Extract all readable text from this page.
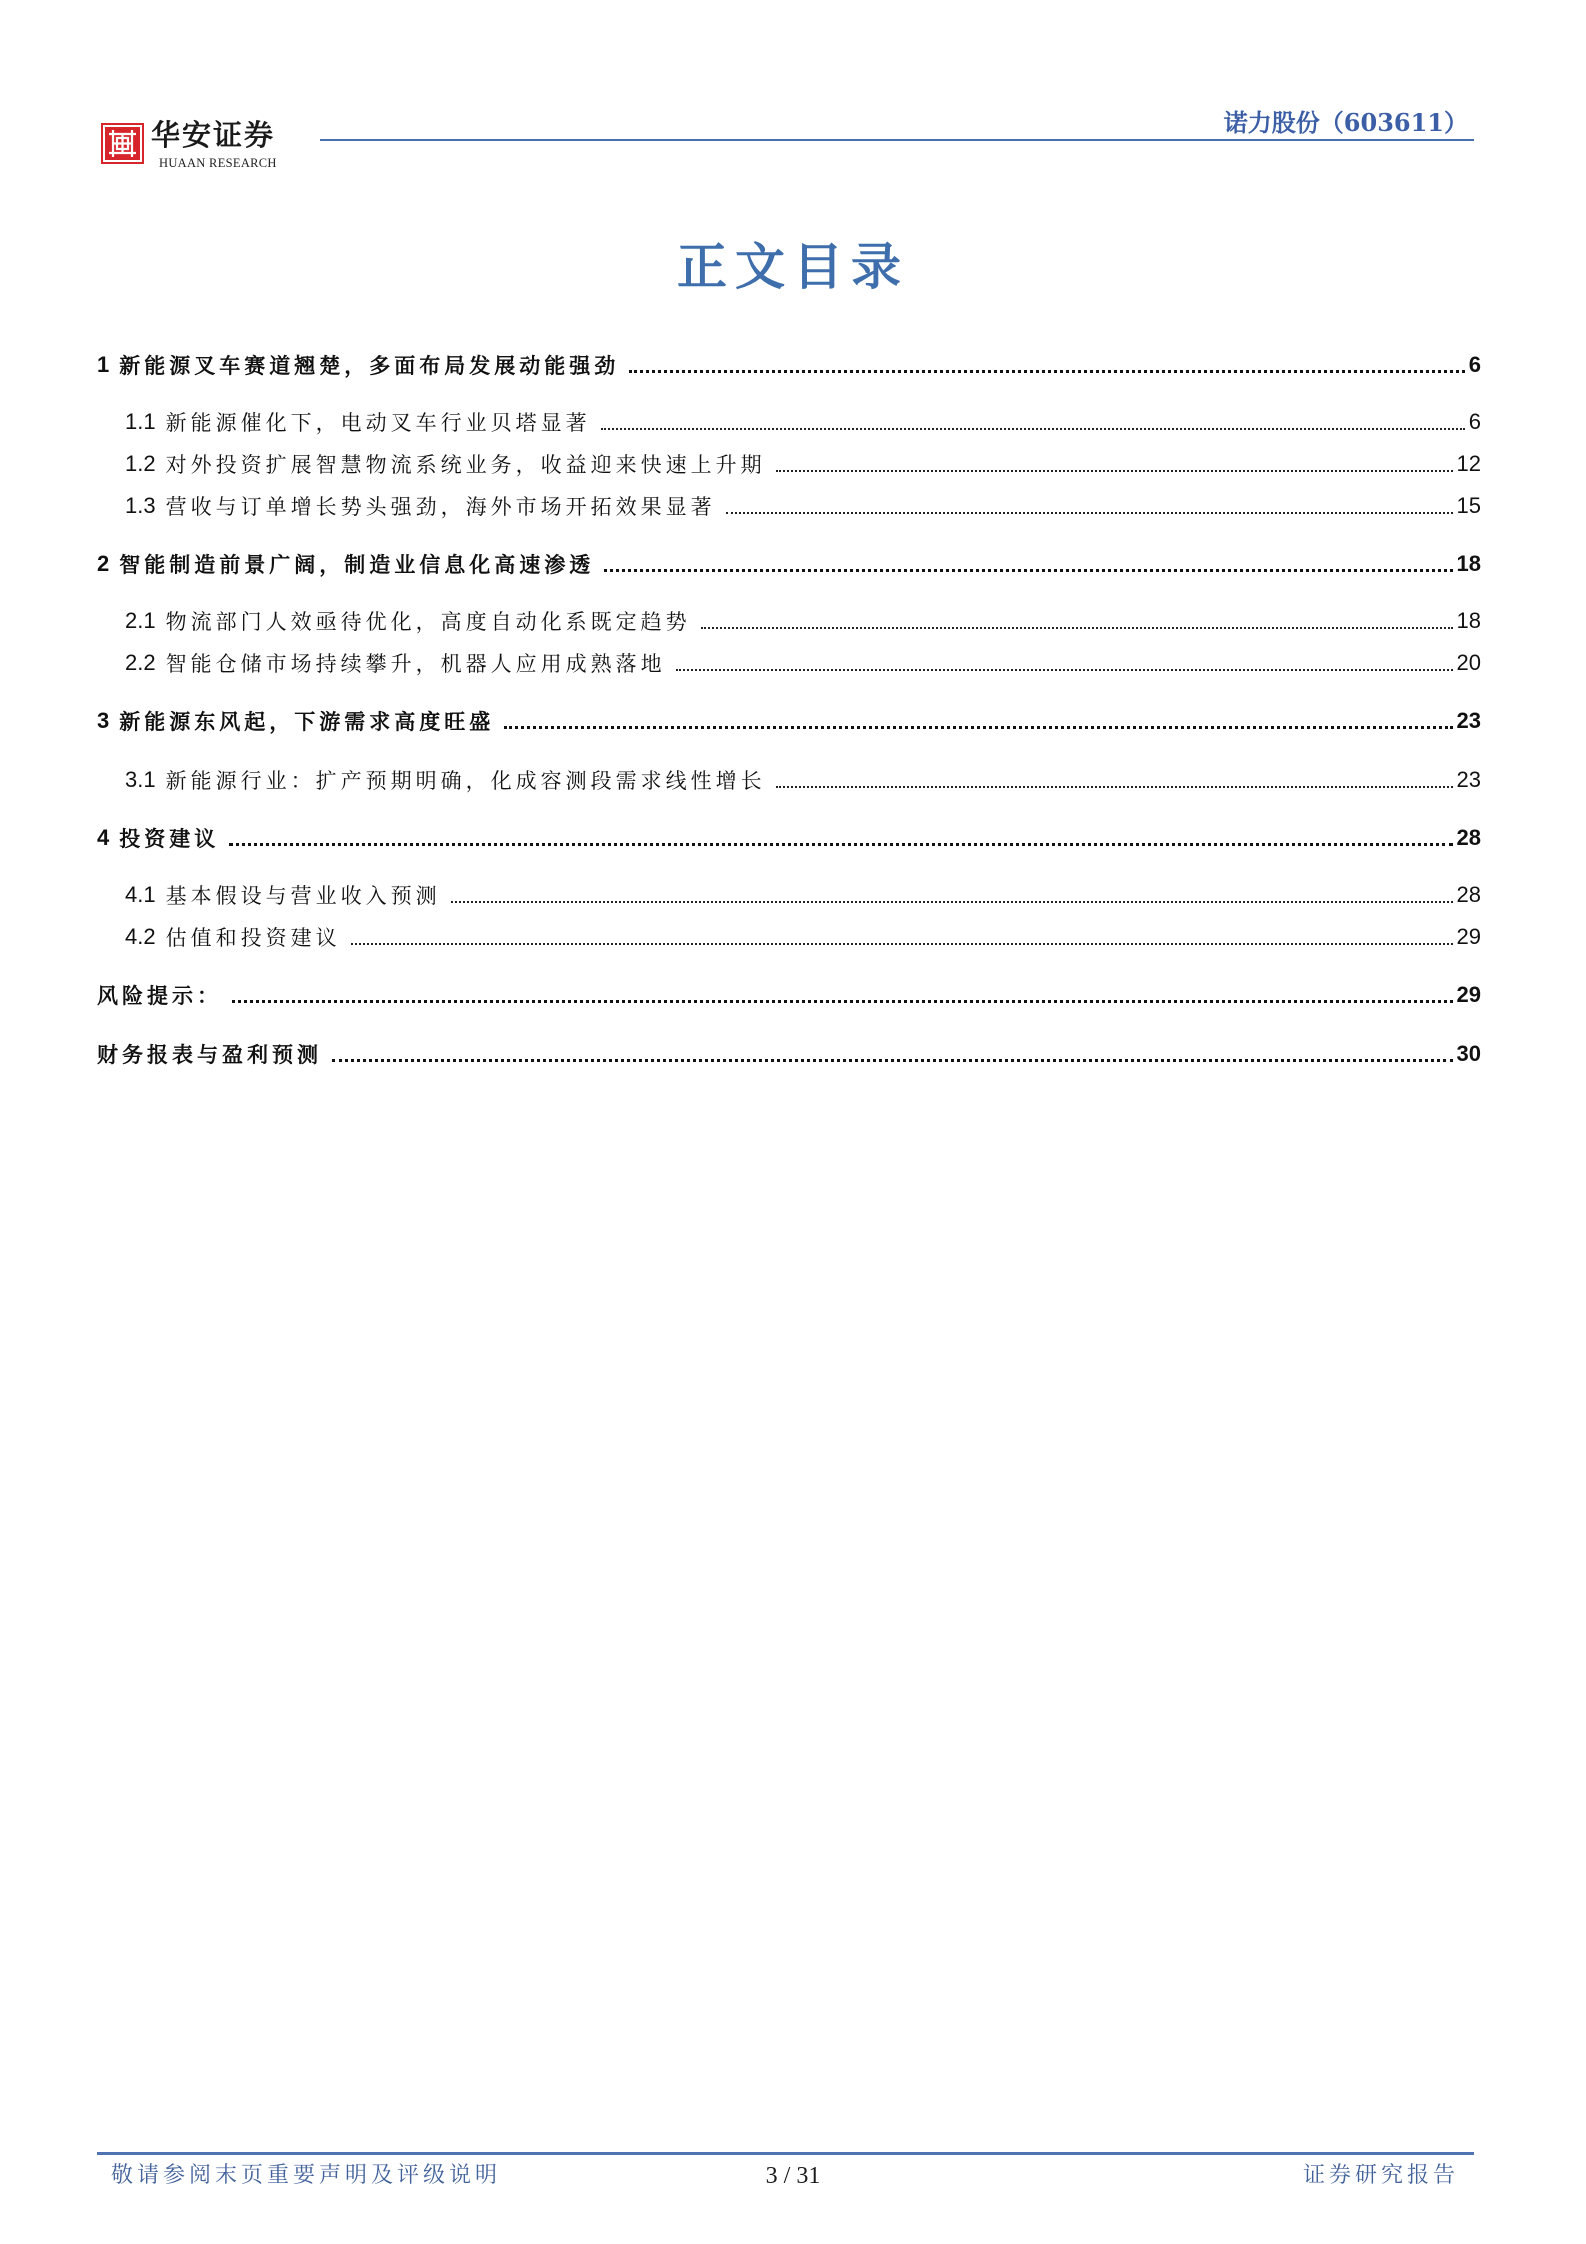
华安证券
HUAAN RESEARCH
诺力股份（603611）
正文目录
1 新能源叉车赛道翘楚，多面布局发展动能强劲	6
1.1 新能源催化下，电动叉车行业贝塔显著	6
1.2 对外投资扩展智慧物流系统业务，收益迎来快速上升期	12
1.3 营收与订单增长势头强劲，海外市场开拓效果显著	15
2 智能制造前景广阔，制造业信息化高速渗透	18
2.1 物流部门人效亟待优化，高度自动化系既定趋势	18
2.2 智能仓储市场持续攀升，机器人应用成熟落地	20
3 新能源东风起，下游需求高度旺盛	23
3.1 新能源行业：扩产预期明确，化成容测段需求线性增长	23
4 投资建议	28
4.1 基本假设与营业收入预测	28
4.2 估值和投资建议	29
风险提示：	29
财务报表与盈利预测	30
敬请参阅末页重要声明及评级说明	3 / 31	证券研究报告
